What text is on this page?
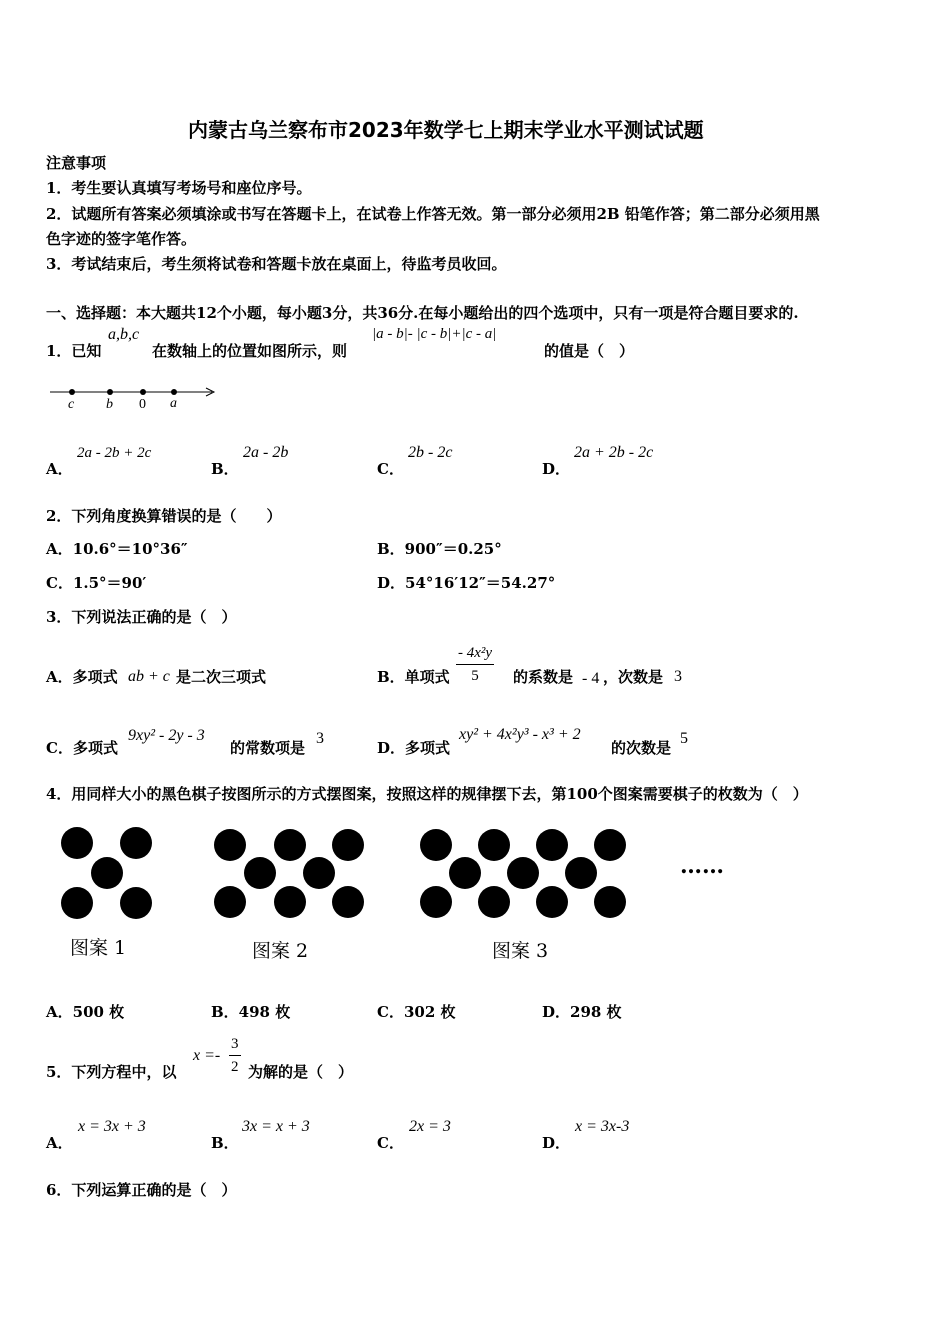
内蒙古乌兰察布市2023年数学七上期末学业水平测试试题
注意事项
1．考生要认真填写考场号和座位序号。
2．试题所有答案必须填涂或书写在答题卡上，在试卷上作答无效。第一部分必须用2B 铅笔作答；第二部分必须用黑
色字迹的签字笔作答。
3．考试结束后，考生须将试卷和答题卡放在桌面上，待监考员收回。
一、选择题：本大题共12个小题，每小题3分，共36分.在每小题给出的四个选项中，只有一项是符合题目要求的.
1．已知
a,b,c
在数轴上的位置如图所示，则
|a - b|- |c - b|+|c - a|
的值是（　）
c b 0 a
A．
2a - 2b + 2c
B．
2a - 2b
C．
2b - 2c
D．
2a + 2b - 2c
2．下列角度换算错误的是（　　）
A．10.6°＝10°36″	B．900″＝0.25°
C．1.5°＝90′	D．54°16′12″＝54.27°
3．下列说法正确的是（　）
A．多项式 ab + c 是二次三项式	B．单项式 $\frac{\text{- 4x²y}}{5}$ 的系数是 - 4 ，次数是 3
C．多项式
9xy² - 2y - 3
的常数项是
3
D．多项式
xy² + 4x²y³ - x³ + 2
的次数是
5
4．用同样大小的黑色棋子按图所示的方式摆图案，按照这样的规律摆下去，第100个图案需要棋子的枚数为（　）
……
图案 1	图案 2	图案 3
A．500 枚	B．498 枚	C．302 枚	D．298 枚
5．下列方程中，以
$x =- \frac{3}{2}$ 为解的是（　）
A．
x = 3x + 3
B．
3x = x + 3
C．
2x = 3
D．
x = 3x-3
6．下列运算正确的是（　）
